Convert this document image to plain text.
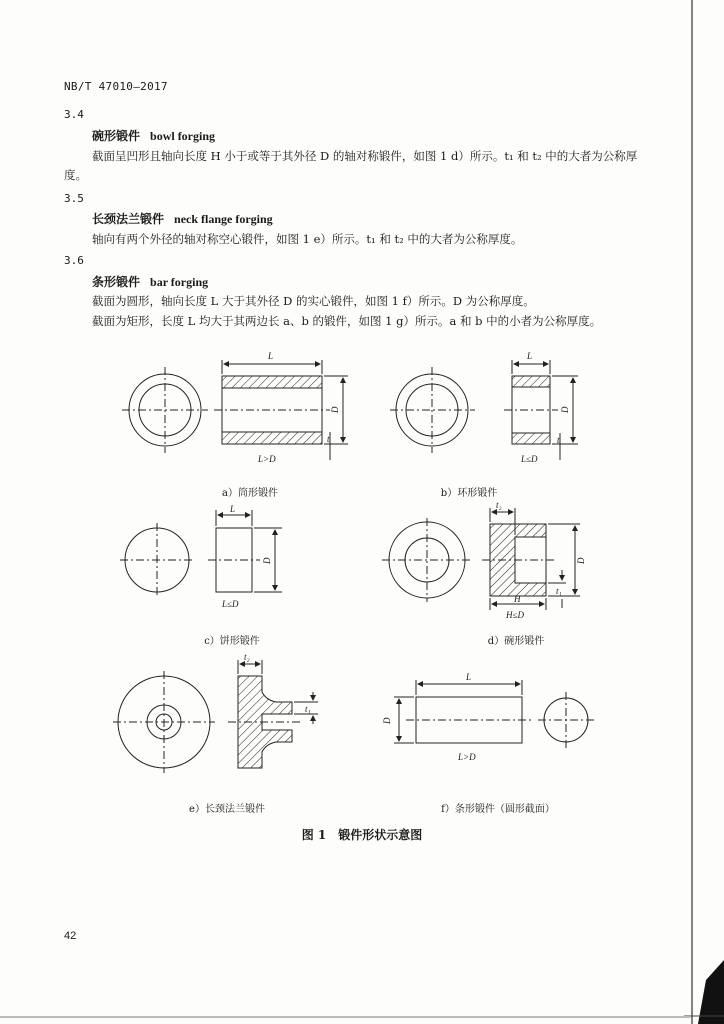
NB/T 47010—2017
3.4
碗形锻件 bowl forging
截面呈凹形且轴向长度 H 小于或等于其外径 D 的轴对称锻件，如图 1 d）所示。t₁ 和 t₂ 中的大者为公称厚度。
3.5
长颈法兰锻件 neck flange forging
轴向有两个外径的轴对称空心锻件，如图 1 e）所示。t₁ 和 t₂ 中的大者为公称厚度。
3.6
条形锻件 bar forging
截面为圆形，轴向长度 L 大于其外径 D 的实心锻件，如图 1 f）所示。D 为公称厚度。
截面为矩形，长度 L 均大于其两边长 a、b 的锻件，如图 1 g）所示。a 和 b 中的小者为公称厚度。
L
D
t
L>D
L
D
t
L≤D
L
D
L≤D
t₂
D
t₁
H
H≤D
t₂
t₁
L
D
L>D
a）筒形锻件	b）环形锻件
c）饼形锻件	d）碗形锻件
e）长颈法兰锻件	f）条形锻件（圆形截面）
图 1　锻件形状示意图
42
